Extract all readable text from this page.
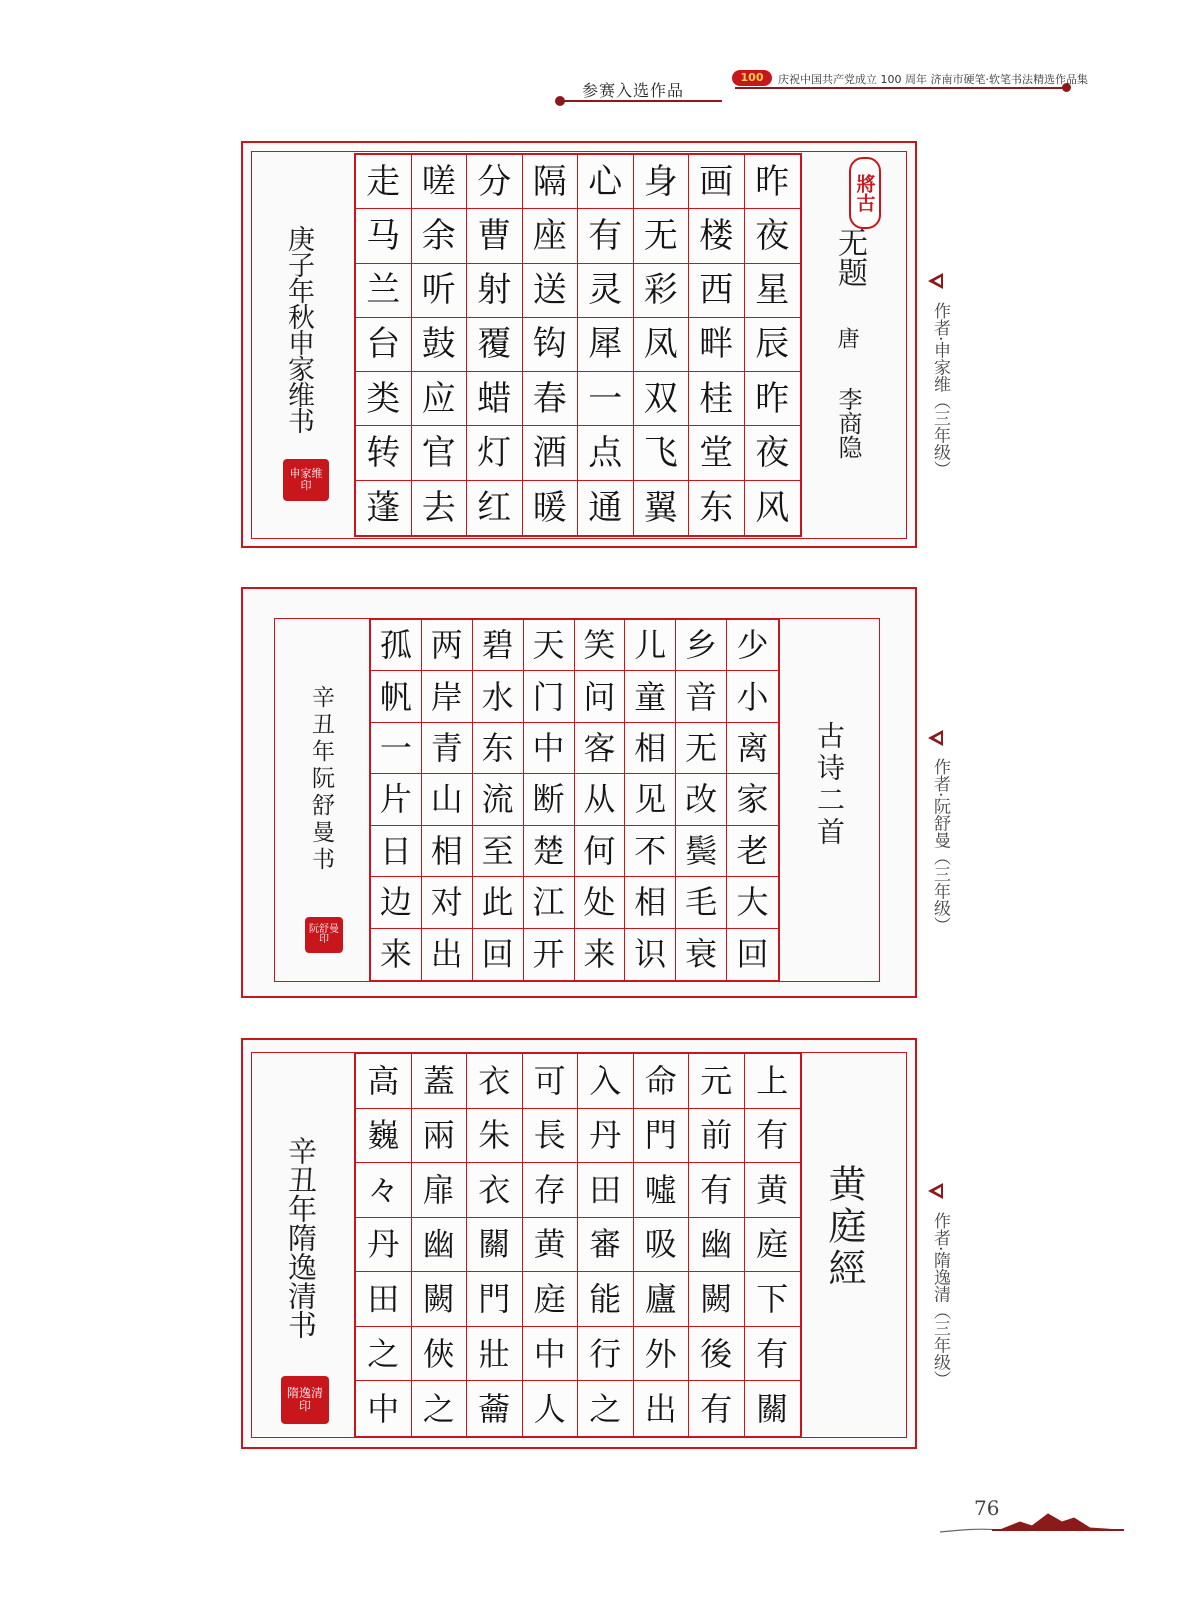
参赛入选作品
100	庆祝中国共产党成立 100 周年 济南市硬笔·软笔书法精选作品集
走 嗟 分 隔 心 身 画 昨
马 余 曹 座 有 无 楼 夜
兰 听 射 送 灵 彩 西 星
台 鼓 覆 钩 犀 凤 畔 辰
类 应 蜡 春 一 双 桂 昨
转 官 灯 酒 点 飞 堂 夜
蓬 去 红 暖 通 翼 东 风
將古
无题
唐
李商隐
庚子年秋申家维书
申家维印
作者·申家维（三年级）
孤 两 碧 天 笑 儿 乡 少
帆 岸 水 门 问 童 音 小
一 青 东 中 客 相 无 离
片 山 流 断 从 见 改 家
日 相 至 楚 何 不 鬓 老
边 对 此 江 处 相 毛 大
来 出 回 开 来 识 衰 回
古诗二首
辛丑年阮舒曼书
阮舒曼印
作者·阮舒曼（三年级）
高 蓋 衣 可 入 命 元 上
巍 兩 朱 長 丹 門 前 有
々 扉 衣 存 田 噓 有 黄
丹 幽 關 黄 審 吸 幽 庭
田 闕 門 庭 能 廬 闕 下
之 俠 壯 中 行 外 後 有
中 之 蘥 人 之 出 有 關
黄庭經
辛丑年隋逸清书
隋逸清印
作者·隋逸清（三年级）
76
